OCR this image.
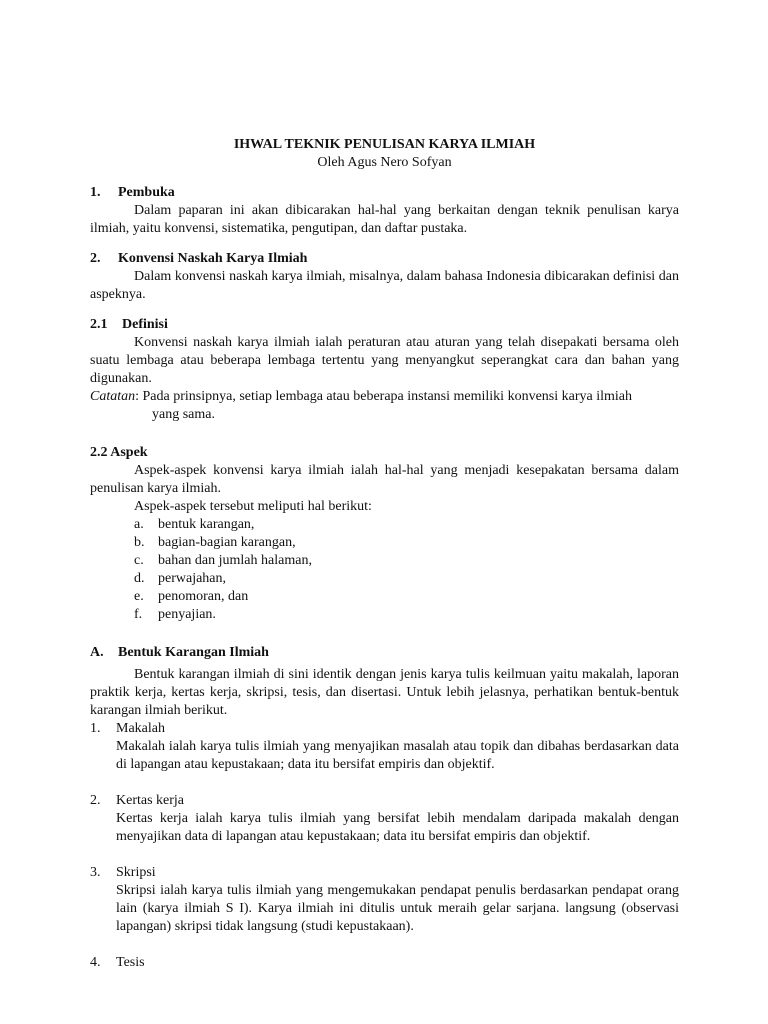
IHWAL TEKNIK PENULISAN KARYA ILMIAH
Oleh Agus Nero Sofyan
1.	Pembuka

Dalam paparan ini akan dibicarakan hal-hal yang berkaitan dengan teknik penulisan karya ilmiah, yaitu konvensi, sistematika, pengutipan, dan daftar pustaka.

2.	Konvensi Naskah Karya Ilmiah

Dalam konvensi naskah karya ilmiah, misalnya, dalam bahasa Indonesia dibicarakan definisi dan aspeknya.

2.1	Definisi

Konvensi naskah karya ilmiah ialah peraturan atau aturan yang telah disepakati bersama oleh suatu lembaga atau beberapa lembaga tertentu yang menyangkut seperangkat cara dan bahan yang digunakan.

Catatan : Pada prinsipnya, setiap lembaga atau beberapa instansi memiliki konvensi karya ilmiah
yang sama.
2.2 Aspek

Aspek-aspek konvensi karya ilmiah ialah hal-hal yang menjadi kesepakatan bersama dalam penulisan karya ilmiah.

Aspek-aspek tersebut meliputi hal berikut:

a.	bentuk karangan,
b. bagian-bagian karangan,
c.	bahan dan jumlah halaman,
d. perwajahan,
e.	penomoran, dan
f.	penyajian.
A.	Bentuk Karangan Ilmiah

Bentuk karangan ilmiah di sini identik dengan jenis karya tulis keilmuan yaitu makalah, laporan praktik kerja, kertas kerja, skripsi, tesis, dan disertasi. Untuk lebih jelasnya, perhatikan bentuk-bentuk karangan ilmiah berikut.

1.	Makalah

Makalah ialah karya tulis ilmiah yang menyajikan masalah atau topik dan dibahas berdasarkan data di lapangan atau kepustakaan; data itu bersifat empiris dan objektif.

2.	Kertas kerja

Kertas kerja ialah karya tulis ilmiah yang bersifat lebih mendalam daripada makalah dengan menyajikan data di lapangan atau kepustakaan; data itu bersifat empiris dan objektif.

3.	Skripsi

Skripsi ialah karya tulis ilmiah yang mengemukakan pendapat penulis berdasarkan pendapat orang lain (karya ilmiah S I). Karya ilmiah ini ditulis untuk meraih gelar sarjana. langsung (observasi lapangan) skripsi tidak langsung (studi kepustakaan).

4.	Tesis
